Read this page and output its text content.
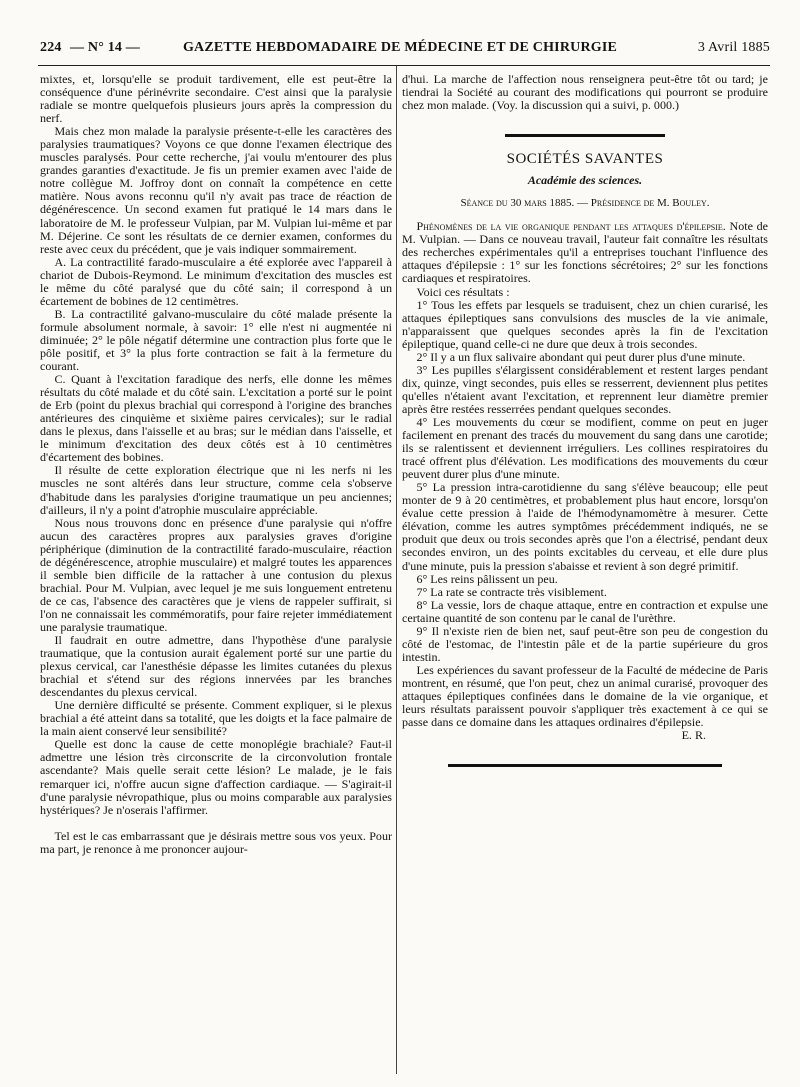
224 — N° 14 —	GAZETTE HEBDOMADAIRE DE MÉDECINE ET DE CHIRURGIE	3 Avril 1885

mixtes, et, lorsqu'elle se produit tardivement, elle est peut-être la conséquence d'une périnévrite secondaire. C'est ainsi que la paralysie radiale se montre quelquefois plusieurs jours après la compression du nerf.

Mais chez mon malade la paralysie présente-t-elle les caractères des paralysies traumatiques? Voyons ce que donne l'examen électrique des muscles paralysés. Pour cette recherche, j'ai voulu m'entourer des plus grandes garanties d'exactitude. Je fis un premier examen avec l'aide de notre collègue M. Joffroy dont on connaît la compétence en cette matière. Nous avons reconnu qu'il n'y avait pas trace de réaction de dégénérescence. Un second examen fut pratiqué le 14 mars dans le laboratoire de M. le professeur Vulpian, par M. Vulpian lui-même et par M. Déjerine. Ce sont les résultats de ce dernier examen, conformes du reste avec ceux du précédent, que je vais indiquer sommairement.

A. La contractilité farado-musculaire a été explorée avec l'appareil à chariot de Dubois-Reymond. Le minimum d'excitation des muscles est le même du côté paralysé que du côté sain; il correspond à un écartement de bobines de 12 centimètres.

B. La contractilité galvano-musculaire du côté malade présente la formule absolument normale, à savoir: 1° elle n'est ni augmentée ni diminuée; 2° le pôle négatif détermine une contraction plus forte que le pôle positif, et 3° la plus forte contraction se fait à la fermeture du courant.

C. Quant à l'excitation faradique des nerfs, elle donne les mêmes résultats du côté malade et du côté sain. L'excitation a porté sur le point de Erb (point du plexus brachial qui correspond à l'origine des branches antérieures des cinquième et sixième paires cervicales); sur le radial dans le plexus, dans l'aisselle et au bras; sur le médian dans l'aisselle, et le minimum d'excitation des deux côtés est à 10 centimètres d'écartement des bobines.

Il résulte de cette exploration électrique que ni les nerfs ni les muscles ne sont altérés dans leur structure, comme cela s'observe d'habitude dans les paralysies d'origine traumatique un peu anciennes; d'ailleurs, il n'y a point d'atrophie musculaire appréciable.

Nous nous trouvons donc en présence d'une paralysie qui n'offre aucun des caractères propres aux paralysies graves d'origine périphérique (diminution de la contractilité farado-musculaire, réaction de dégénérescence, atrophie musculaire) et malgré toutes les apparences il semble bien difficile de la rattacher à une contusion du plexus brachial. Pour M. Vulpian, avec lequel je me suis longuement entretenu de ce cas, l'absence des caractères que je viens de rappeler suffirait, si l'on ne connaissait les commémoratifs, pour faire rejeter immédiatement une paralysie traumatique.

Il faudrait en outre admettre, dans l'hypothèse d'une paralysie traumatique, que la contusion aurait également porté sur une partie du plexus cervical, car l'anesthésie dépasse les limites cutanées du plexus brachial et s'étend sur des régions innervées par les branches descendantes du plexus cervical.

Une dernière difficulté se présente. Comment expliquer, si le plexus brachial a été atteint dans sa totalité, que les doigts et la face palmaire de la main aient conservé leur sensibilité?

Quelle est donc la cause de cette monoplégie brachiale? Faut-il admettre une lésion très circonscrite de la circonvolution frontale ascendante? Mais quelle serait cette lésion? Le malade, je le fais remarquer ici, n'offre aucun signe d'affection cardiaque. — S'agirait-il d'une paralysie névropathique, plus ou moins comparable aux paralysies hystériques? Je n'oserais l'affirmer.

Tel est le cas embarrassant que je désirais mettre sous vos yeux. Pour ma part, je renonce à me prononcer aujour-

d'hui. La marche de l'affection nous renseignera peut-être tôt ou tard; je tiendrai la Société au courant des modifications qui pourront se produire chez mon malade. (Voy. la discussion qui a suivi, p. 000.)

SOCIÉTÉS SAVANTES
Académie des sciences.
Séance du 30 mars 1885. — Présidence de M. Bouley.

Phénomènes de la vie organique pendant les attaques d'épilepsie. Note de M. Vulpian. — Dans ce nouveau travail, l'auteur fait connaître les résultats des recherches expérimentales qu'il a entreprises touchant l'influence des attaques d'épilepsie : 1° sur les fonctions sécrétoires; 2° sur les fonctions cardiaques et respiratoires.

Voici ces résultats :

1° Tous les effets par lesquels se traduisent, chez un chien curarisé, les attaques épileptiques sans convulsions des muscles de la vie animale, n'apparaissent que quelques secondes après la fin de l'excitation épileptique, quand celle-ci ne dure que deux à trois secondes.

2° Il y a un flux salivaire abondant qui peut durer plus d'une minute.

3° Les pupilles s'élargissent considérablement et restent larges pendant dix, quinze, vingt secondes, puis elles se resserrent, deviennent plus petites qu'elles n'étaient avant l'excitation, et reprennent leur diamètre premier après être restées resserrées pendant quelques secondes.

4° Les mouvements du cœur se modifient, comme on peut en juger facilement en prenant des tracés du mouvement du sang dans une carotide; ils se ralentissent et deviennent irréguliers. Les collines respiratoires du tracé offrent plus d'élévation. Les modifications des mouvements du cœur peuvent durer plus d'une minute.

5° La pression intra-carotidienne du sang s'élève beaucoup; elle peut monter de 9 à 20 centimètres, et probablement plus haut encore, lorsqu'on évalue cette pression à l'aide de l'hémodynamomètre à mesurer. Cette élévation, comme les autres symptômes précédemment indiqués, ne se produit que deux ou trois secondes après que l'on a électrisé, pendant deux secondes environ, un des points excitables du cerveau, et elle dure plus d'une minute, puis la pression s'abaisse et revient à son degré primitif.

6° Les reins pâlissent un peu.

7° La rate se contracte très visiblement.

8° La vessie, lors de chaque attaque, entre en contraction et expulse une certaine quantité de son contenu par le canal de l'urèthre.

9° Il n'existe rien de bien net, sauf peut-être son peu de congestion du côté de l'estomac, de l'intestin pâle et de la partie supérieure du gros intestin.

Les expériences du savant professeur de la Faculté de médecine de Paris montrent, en résumé, que l'on peut, chez un animal curarisé, provoquer des attaques épileptiques confinées dans le domaine de la vie organique, et leurs résultats paraissent pouvoir s'appliquer très exactement à ce qui se passe dans ce domaine dans les attaques ordinaires d'épilepsie.

E. R.
